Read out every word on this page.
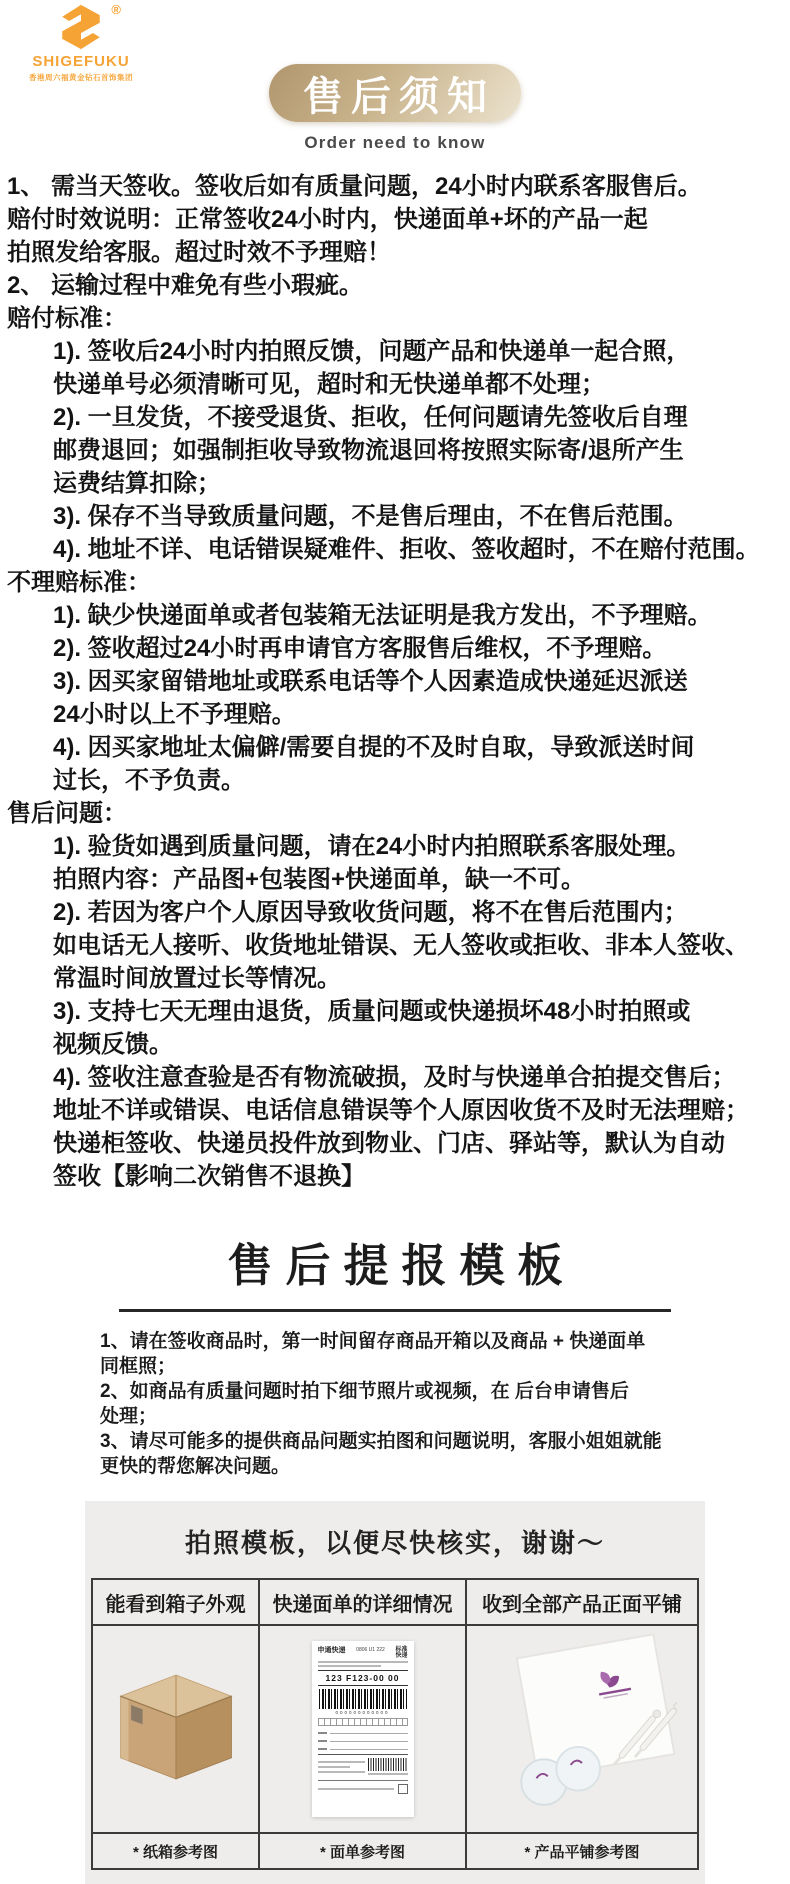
®
SHIGEFUKU
香港周六福黄金钻石首饰集团	售后须知
Order need to know
1、 需当天签收。签收后如有质量问题，24小时内联系客服售后。
赔付时效说明：正常签收24小时内，快递面单+坏的产品一起
拍照发给客服。超过时效不予理赔！
2、 运输过程中难免有些小瑕疵。
赔付标准：
1). 签收后24小时内拍照反馈，问题产品和快递单一起合照，
快递单号必须清晰可见，超时和无快递单都不处理；
2). 一旦发货，不接受退货、拒收，任何问题请先签收后自理
邮费退回；如强制拒收导致物流退回将按照实际寄/退所产生
运费结算扣除；
3). 保存不当导致质量问题，不是售后理由，不在售后范围。
4). 地址不详、电话错误疑难件、拒收、签收超时，不在赔付范围。
不理赔标准：
1). 缺少快递面单或者包装箱无法证明是我方发出，不予理赔。
2). 签收超过24小时再申请官方客服售后维权，不予理赔。
3). 因买家留错地址或联系电话等个人因素造成快递延迟派送
24小时以上不予理赔。
4). 因买家地址太偏僻/需要自提的不及时自取，导致派送时间
过长，不予负责。
售后问题：
1). 验货如遇到质量问题，请在24小时内拍照联系客服处理。
拍照内容：产品图+包装图+快递面单，缺一不可。
2). 若因为客户个人原因导致收货问题，将不在售后范围内；
如电话无人接听、收货地址错误、无人签收或拒收、非本人签收、
常温时间放置过长等情况。
3). 支持七天无理由退货，质量问题或快递损坏48小时拍照或
视频反馈。
4). 签收注意查验是否有物流破损，及时与快递单合拍提交售后；
地址不详或错误、电话信息错误等个人原因收货不及时无法理赔；
快递柜签收、快递员投件放到物业、门店、驿站等，默认为自动
签收【影响二次销售不退换】
售后提报模板
1、请在签收商品时，第一时间留存商品开箱以及商品 + 快递面单
同框照；
2、如商品有质量问题时拍下细节照片或视频，在 后台申请售后
处理；
3、请尽可能多的提供商品问题实拍图和问题说明，客服小姐姐就能
更快的帮您解决问题。
拍照模板，以便尽快核实，谢谢～
能看到箱子外观	快递面单的详细情况	收到全部产品正面平铺

申通快递 0806 U1 222 标准
快递
123 F123-00 00
000000000000

* 纸箱参考图	* 面单参考图	* 产品平铺参考图
